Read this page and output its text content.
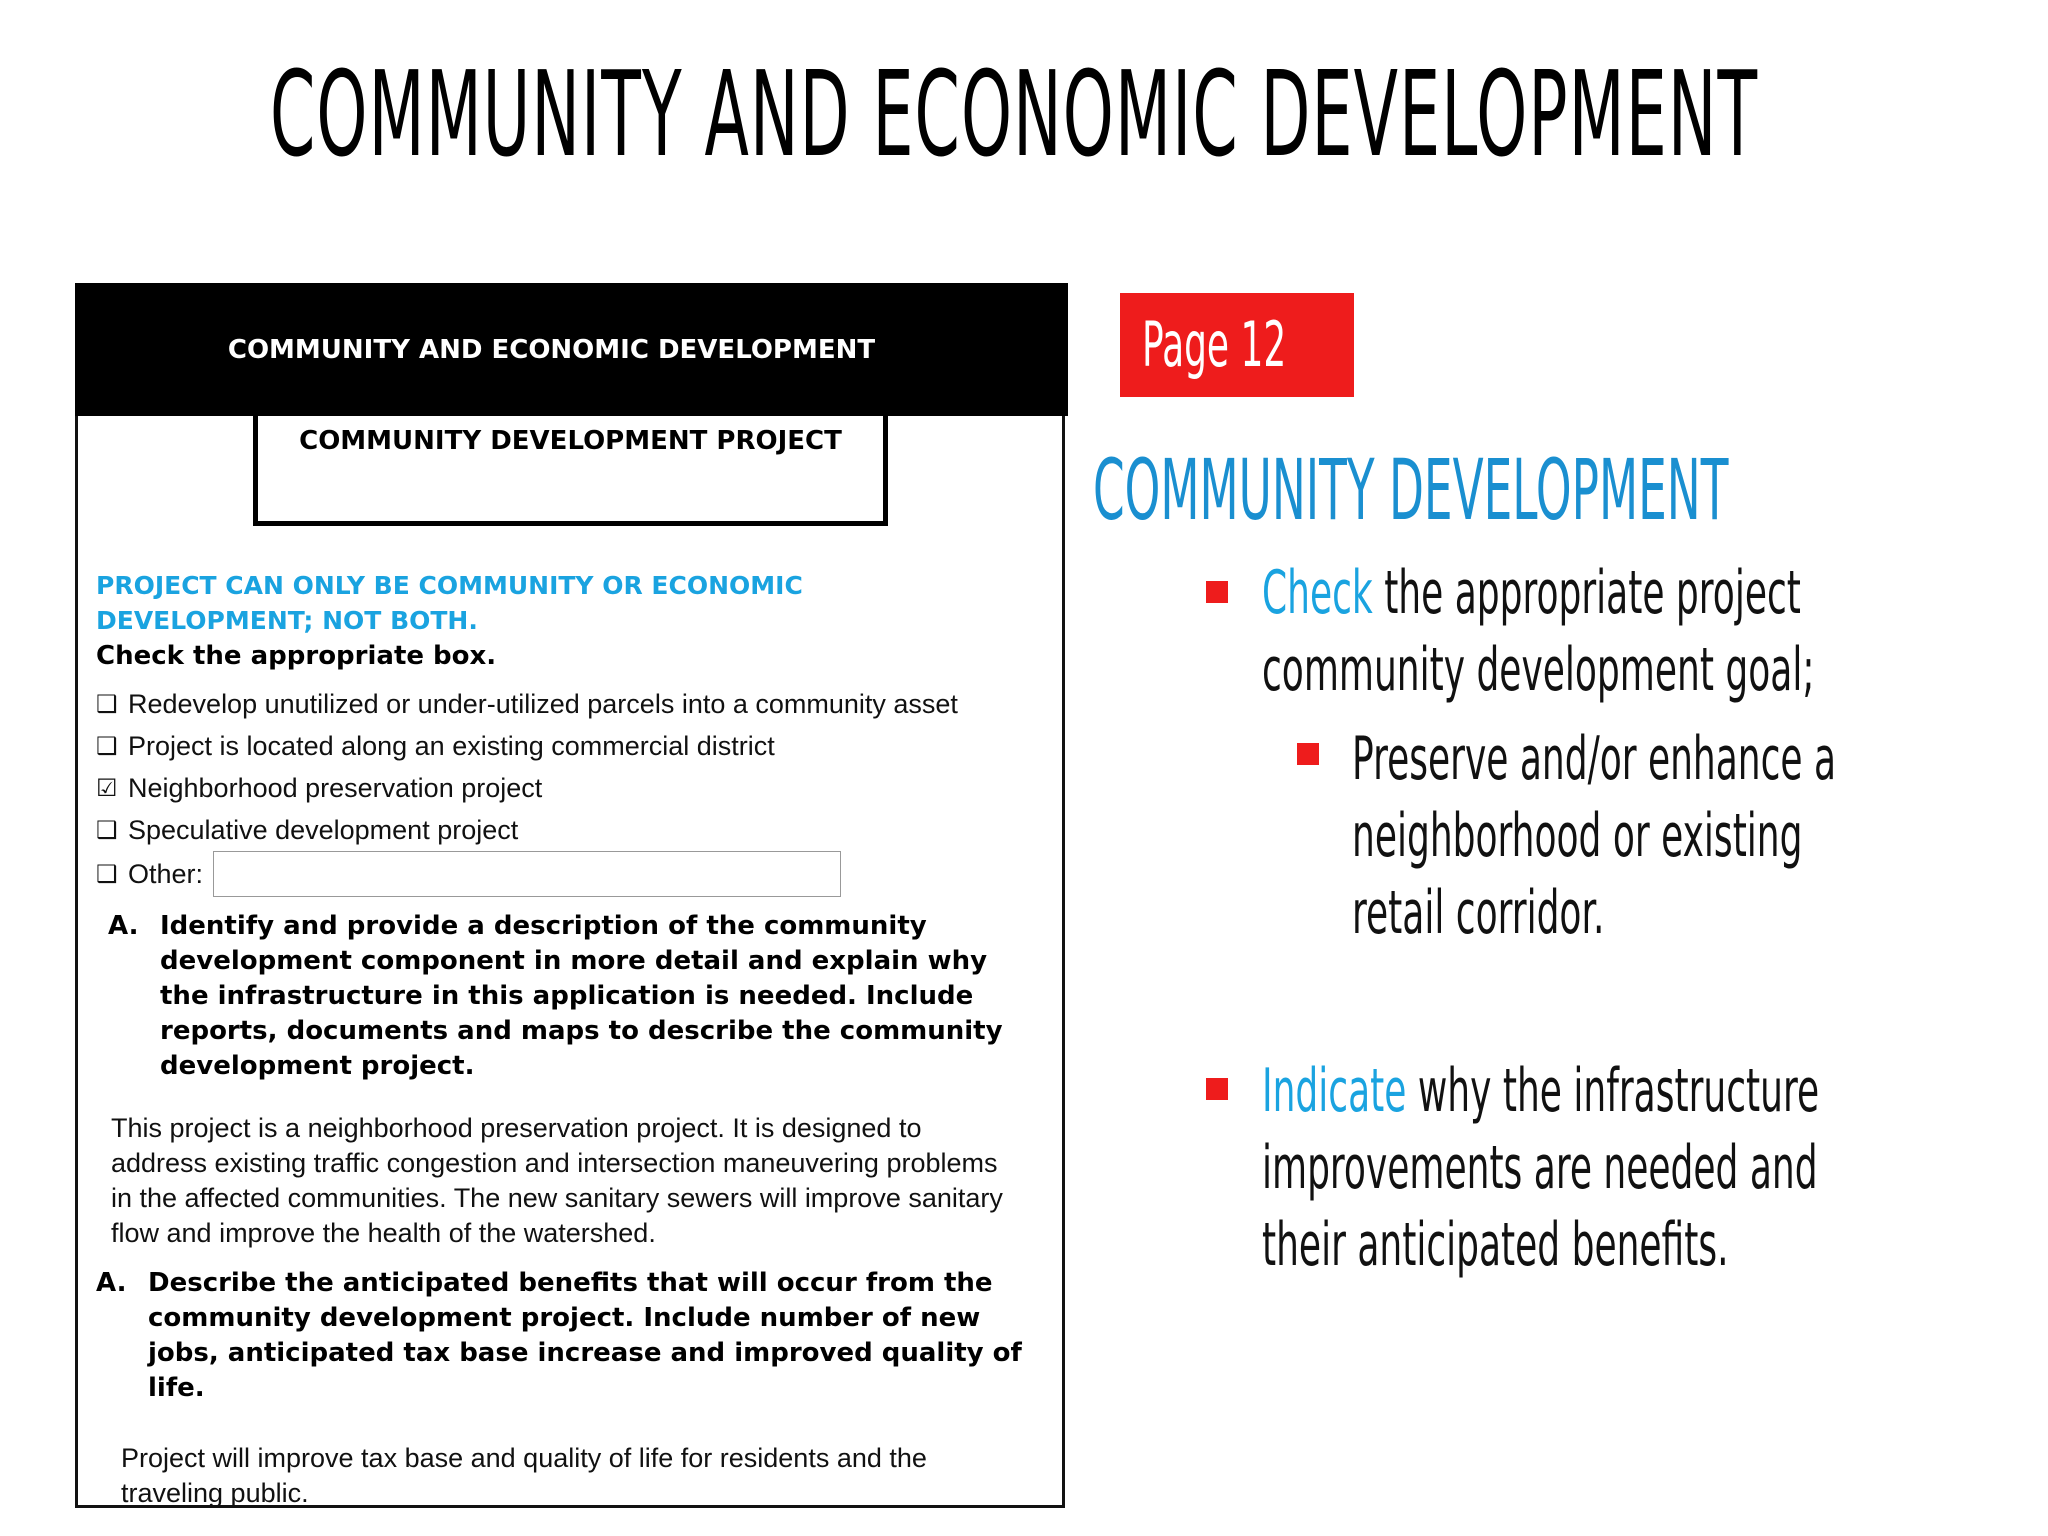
COMMUNITY AND ECONOMIC DEVELOPMENT
COMMUNITY AND ECONOMIC DEVELOPMENT
COMMUNITY DEVELOPMENT PROJECT
PROJECT CAN ONLY BE COMMUNITY OR ECONOMIC
DEVELOPMENT; NOT BOTH.
Check the appropriate box.
❑ Redevelop unutilized or under-utilized parcels into a community asset
❑ Project is located along an existing commercial district
☑ Neighborhood preservation project
❑ Speculative development project
❑ Other:
A. Identify and provide a description of the community development component in more detail and explain why the infrastructure in this application is needed. Include reports, documents and maps to describe the community development project.
This project is a neighborhood preservation project. It is designed to address existing traffic congestion and intersection maneuvering problems in the affected communities. The new sanitary sewers will improve sanitary flow and improve the health of the watershed.
A. Describe the anticipated benefits that will occur from the community development project. Include number of new jobs, anticipated tax base increase and improved quality of life.
Project will improve tax base and quality of life for residents and the traveling public.
Page 12
COMMUNITY DEVELOPMENT
Check the appropriate project
community development goal;
Preserve and/or enhance a
neighborhood or existing
retail corridor.
Indicate why the infrastructure
improvements are needed and
their anticipated benefits.
